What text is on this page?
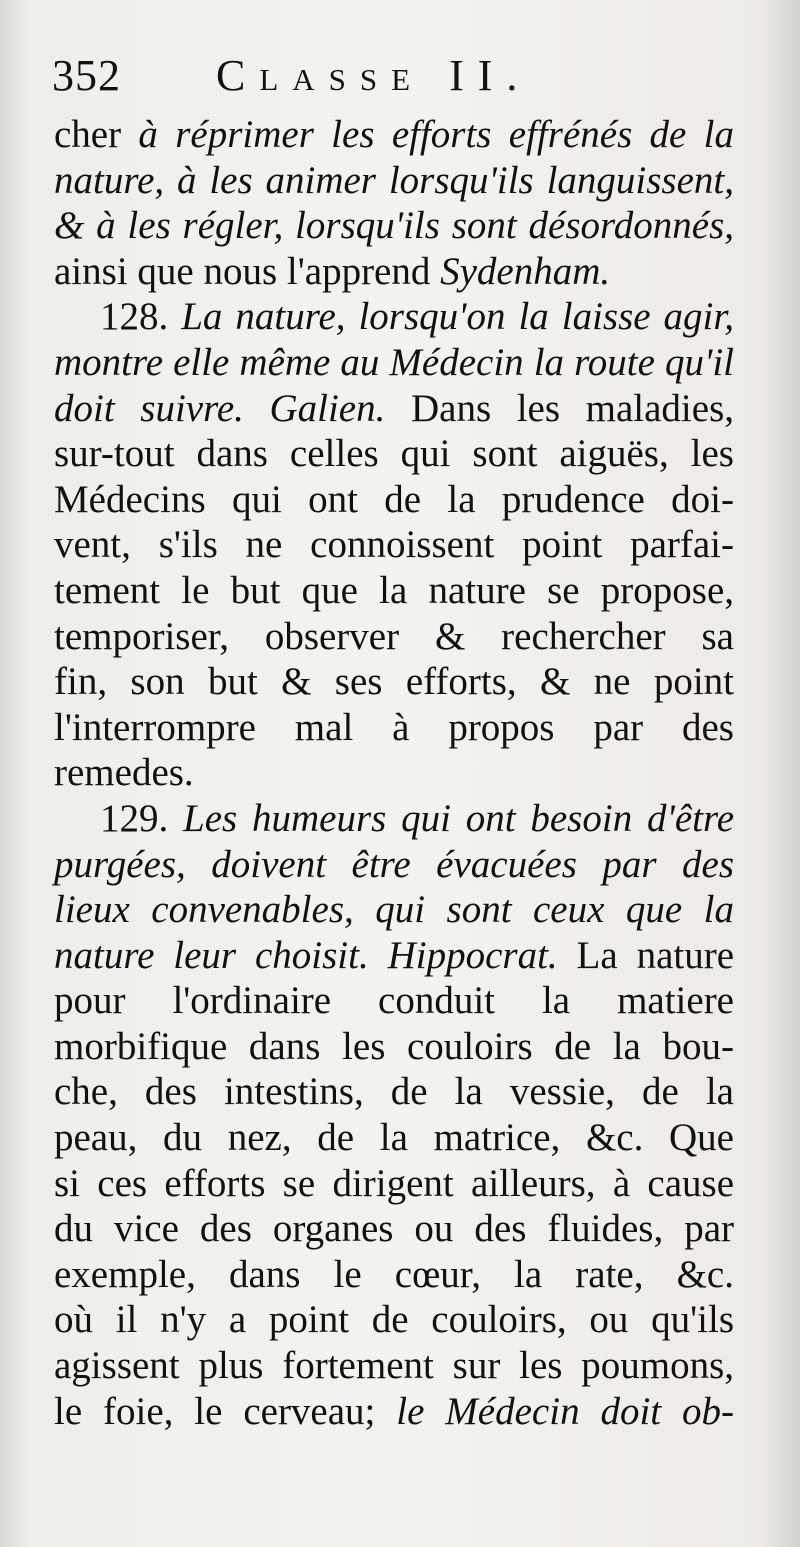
352 Classe II.
cher à réprimer les efforts effrénés de la
nature, à les animer lorsqu'ils languissent,
& à les régler, lorsqu'ils sont désordonnés,
ainsi que nous l'apprend Sydenham.
128. La nature, lorsqu'on la laisse agir,
montre elle même au Médecin la route qu'il
doit suivre. Galien. Dans les maladies,
sur-tout dans celles qui sont aiguës, les
Médecins qui ont de la prudence doi-
vent, s'ils ne connoissent point parfai-
tement le but que la nature se propose,
temporiser, observer & rechercher sa
fin, son but & ses efforts, & ne point
l'interrompre mal à propos par des
remedes.
129. Les humeurs qui ont besoin d'être
purgées, doivent être évacuées par des
lieux convenables, qui sont ceux que la
nature leur choisit. Hippocrat. La nature
pour l'ordinaire conduit la matiere
morbifique dans les couloirs de la bou-
che, des intestins, de la vessie, de la
peau, du nez, de la matrice, &c. Que
si ces efforts se dirigent ailleurs, à cause
du vice des organes ou des fluides, par
exemple, dans le cœur, la rate, &c.
où il n'y a point de couloirs, ou qu'ils
agissent plus fortement sur les poumons,
le foie, le cerveau; le Médecin doit ob-
